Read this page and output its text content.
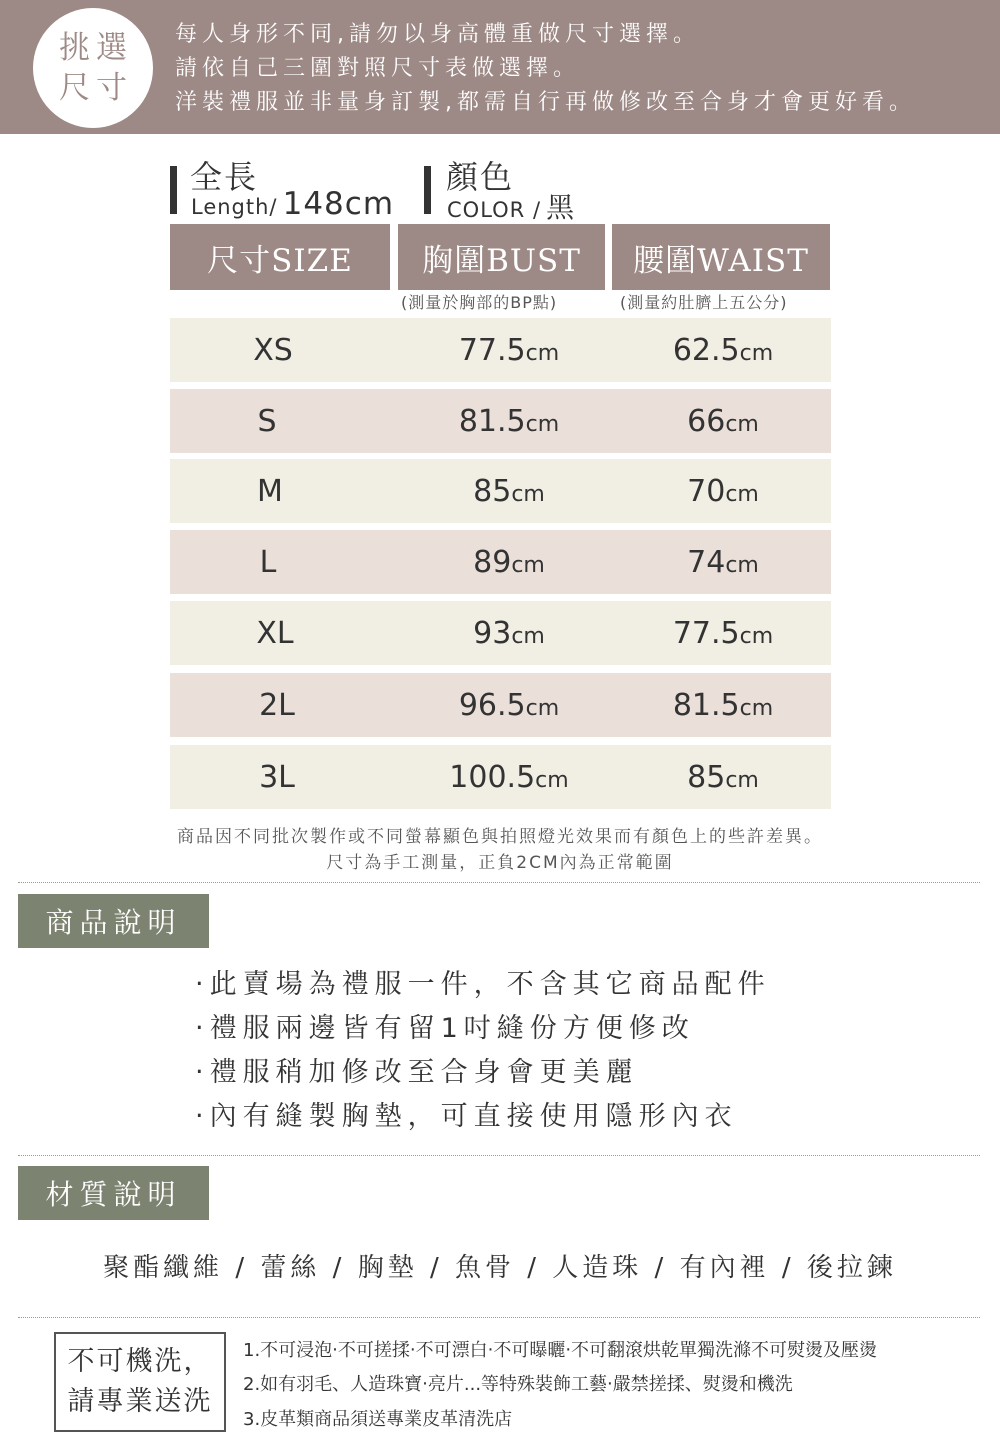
挑選
尺寸
每人身形不同,請勿以身高體重做尺寸選擇。
請依自己三圍對照尺寸表做選擇。
洋裝禮服並非量身訂製,都需自行再做修改至合身才會更好看。
全長
Length/ 148cm
顏色
COLOR / 黑
尺寸SIZE	胸圍BUST	腰圍WAIST
(測量於胸部的BP點)	(測量約肚臍上五公分)
XS	77.5cm	62.5cm
S	81.5cm	66cm
M	85cm	70cm
L	89cm	74cm
XL	93cm	77.5cm
2L	96.5cm	81.5cm
3L	100.5cm	85cm
商品因不同批次製作或不同螢幕顯色與拍照燈光效果而有顏色上的些許差異。
尺寸為手工測量，正負2CM內為正常範圍
商品說明
‧此賣場為禮服一件，不含其它商品配件
‧禮服兩邊皆有留1吋縫份方便修改
‧禮服稍加修改至合身會更美麗
‧內有縫製胸墊，可直接使用隱形內衣
材質說明
聚酯纖維 / 蕾絲 / 胸墊 / 魚骨 / 人造珠 / 有內裡 / 後拉鍊
不可機洗，
請專業送洗
1.不可浸泡‧不可搓揉‧不可漂白‧不可曝曬‧不可翻滾烘乾單獨洗滌不可熨燙及壓燙
2.如有羽毛、人造珠寶‧亮片...等特殊裝飾工藝‧嚴禁搓揉、熨燙和機洗
3.皮革類商品須送專業皮革清洗店
